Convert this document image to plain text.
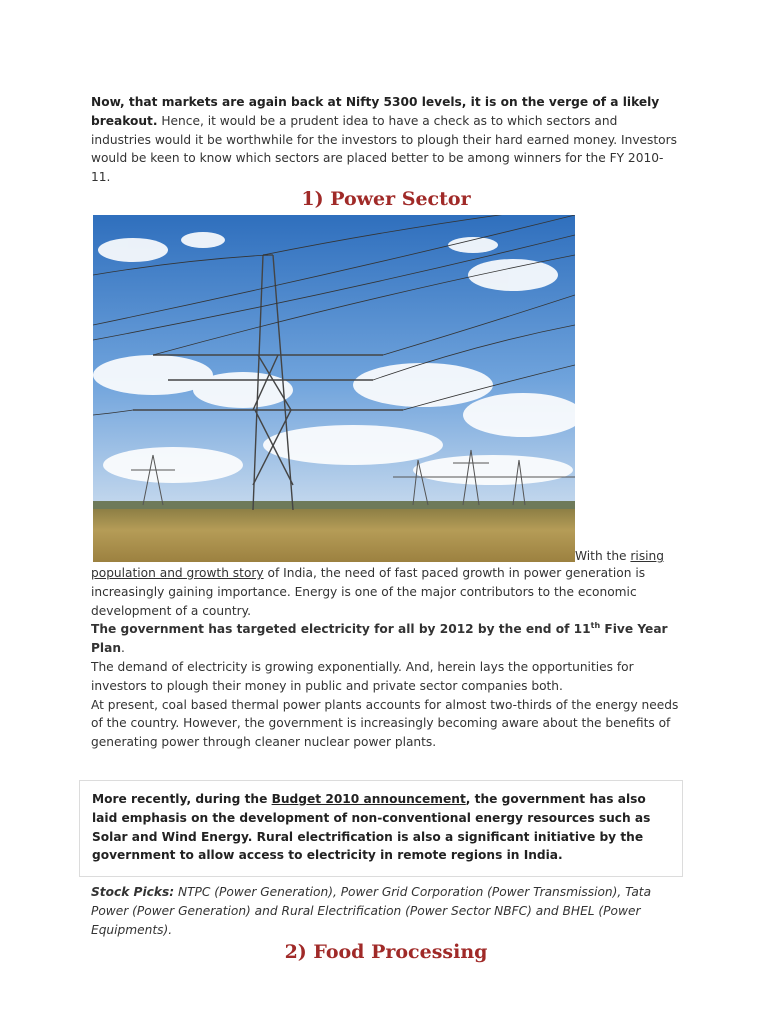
Now, that markets are again back at Nifty 5300 levels, it is on the verge of a likely breakout. Hence, it would be a prudent idea to have a check as to which sectors and industries would it be worthwhile for the investors to plough their hard earned money. Investors would be keen to know which sectors are placed better to be among winners for the FY 2010-11.

1) Power Sector
With the rising

population and growth story of India, the need of fast paced growth in power generation is increasingly gaining importance. Energy is one of the major contributors to the economic development of a country.

The government has targeted electricity for all by 2012 by the end of 11th Five Year Plan.

The demand of electricity is growing exponentially. And, herein lays the opportunities for investors to plough their money in public and private sector companies both.

At present, coal based thermal power plants accounts for almost two-thirds of the energy needs of the country. However, the government is increasingly becoming aware about the benefits of generating power through cleaner nuclear power plants.

More recently, during the Budget 2010 announcement, the government has also laid emphasis on the development of non-conventional energy resources such as Solar and Wind Energy. Rural electrification is also a significant initiative by the government to allow access to electricity in remote regions in India.

Stock Picks: NTPC (Power Generation), Power Grid Corporation (Power Transmission), Tata Power (Power Generation) and Rural Electrification (Power Sector NBFC) and BHEL (Power Equipments).

2) Food Processing
